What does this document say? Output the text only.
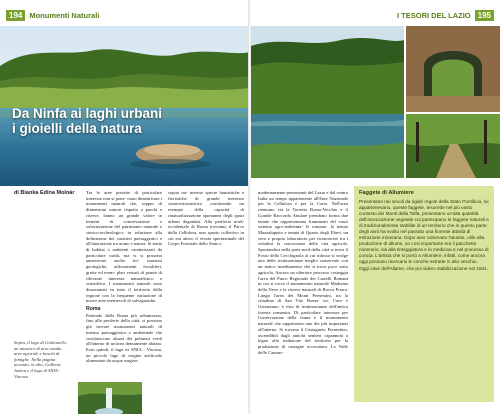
194 Monumenti Naturali
Da Ninfa ai laghi urbani
i gioielli della natura
di Bianka Edina Molnár
Sopra, il lago di Giulianello, un mosaico di aree umide, aree agricole e boschi di famiglie. Nella pagina accanto, in alto, Galleria Antica e il lago di SNIA - Viscosa

Tra le aree protette di particolare interesse non si pone- nono dimenticare i monumenti naturali che, seppur di dimensioni minori rispetto a parchi e riserve, hanno un grande valore in termini di conservazione e valorizzazione del patrimonio naturale e storico-archeologico in relazione alla definizione dei caratteri paesaggistici e all'interazione tra uomo e natura. Si tratta di habitat o ambienti caratterizzati da particolare rarità, ma vi si possono annoverare anche for- mazioni geologiche, affioramenti fossiliferi, grotte ed esem- plari vetusti di piante di rilevante interesse naturalistico e scientifico. I monumenti naturali sono disseminati su tutto il territorio della regione con la frequente istituzione di nuove aree meritevoli di salvaguardia.

Roma

Partendo dalla Roma più urbanizzata, fino alle periferie della città, si possono già trovare monumenti naturali di intenso paesaggistico e ambientale che costituiscono alcuni dei polmoni verdi all'interno di un'area densamente abitata. Esso quindi, il lago ex SNIA - Viscosa, un piccolo lago di origine artificiale alimentato da acque sorgive:

sopita nu- merose specie faunistiche e floristiche di grande interesse conservazionistico costituendo un esempio della capacità di rinaturalizzazione spontanea degli spazi urbani degradati. Alla periferia nord-occidentale di Roma troviamo il Parco della Cellulosa, uno spazio collettivo in cui era attivo il vivaio sperimentale del Corpo Forestale dello Stato e

I TESORI DEL LAZIO 195

modernamente presentanti del Lazio e dal centro Italia un tempo appartenente all'Ente Nazionale per la Cellulosa e per la Carta. Nell'area rientrano via la Torretta Roma-Vecchio e il Grande Raccordo Anulare prendono forma due tenute che rappresentano frammenti del vasto sistema agro-ambienta- le romano: la tenuta Mazzalupetto e tenuta di Quarto degli Ebrei, un vero e proprio laboratorio per riconoscere tra i cittadini la conoscenza della vita agricola. Spostandosi nella parte nord della città si trova il Fosso della Cecchignola al cui ridosso si svolge una delle testimonianze meglio conservate con un antico insediamento che si trova poco sotto agricola. Ancora un ulteriore percorso costeggia l'area del Parco Regionale dei Castelli Romani in cui si trova il monumento naturale Madonna della Neve e le riserve naturali di Rocca Priora. Lungo l'area dei Monti Prenestini, tra la cittadina di San Vito Roma- no, Cave e Genazzano, è ritro di testimonianze dell'antica foresta romanica. Di particolare interesse per l'osservazione della fauna e il monumento naturale che rappresenta uno dei più importanti all'interno. Si trovano il Castagneto Prenestino, ascendibili dagli antichi sentieri capannoni a legno alla tradizione del territorio per la produzione di castagne accessitata. La Valle delle Cannuc-

Faggete di Allumiere
Presentano nei secoli da rigide regole della Stato Pontificio, lui appartenevano, queste faggete, tesorette nel più vasto contesto dei Monti della Tolfa, presentano un'alta quantità dell'associazione vegetale cui partecipano le faggete naturali e di tradizionalmente stabilite di un territorio che in questo parte degli anni ha svolto nel passato una fiorente attività di estrazione mineraria. Dopo aver osservato l'alunite, utile alla produzione di allume, un cosi importante era il pacchetto minerario, sia alla tinteggiatura e la medicina e nel processo di concia. L'artista che si portò a Allumiere, infatti, come ancora oggi possono ricercarsi le conche estratte in alto vecchio. Oggi cave dell'Allume, che poi videro stabilizzazione nel 1941.
